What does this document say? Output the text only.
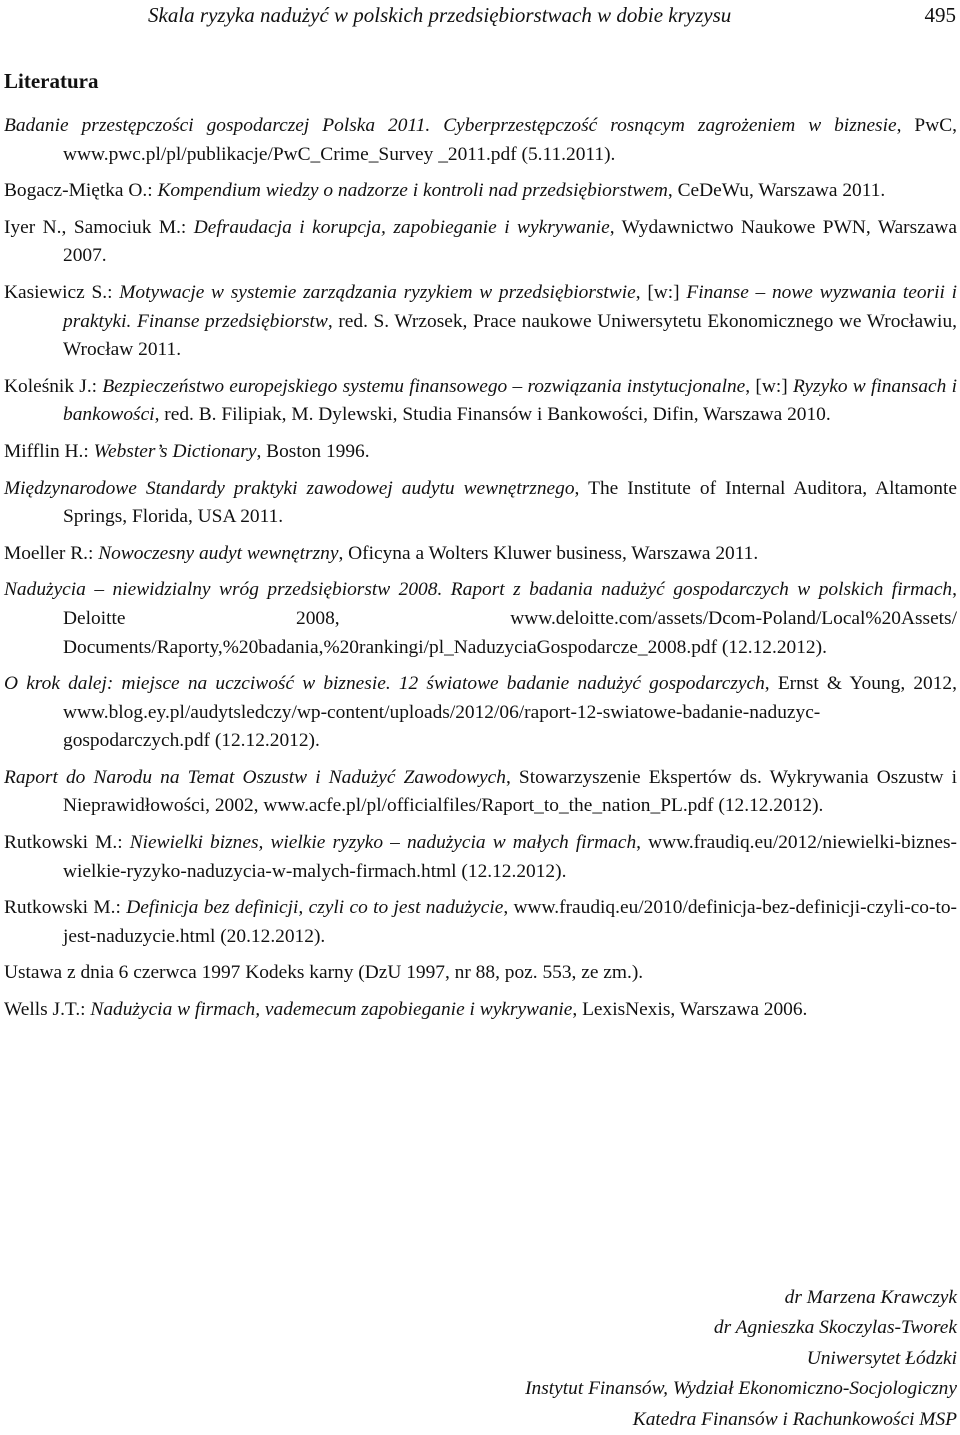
Skala ryzyka nadużyć w polskich przedsiębiorstwach w dobie kryzysu	495
Literatura
Badanie przestępczości gospodarczej Polska 2011. Cyberprzestępczość rosnącym zagrożeniem w biznesie, PwC, www.pwc.pl/pl/publikacje/PwC_Crime_Survey _2011.pdf (5.11.2011).
Bogacz-Miętka O.: Kompendium wiedzy o nadzorze i kontroli nad przedsiębiorstwem, CeDeWu, Warszawa 2011.
Iyer N., Samociuk M.: Defraudacja i korupcja, zapobieganie i wykrywanie, Wydawnictwo Naukowe PWN, Warszawa 2007.
Kasiewicz S.: Motywacje w systemie zarządzania ryzykiem w przedsiębiorstwie, [w:] Finanse – nowe wyzwania teorii i praktyki. Finanse przedsiębiorstw, red. S. Wrzosek, Prace naukowe Uniwersytetu Ekonomicznego we Wrocławiu, Wrocław 2011.
Koleśnik J.: Bezpieczeństwo europejskiego systemu finansowego – rozwiązania instytucjonalne, [w:] Ryzyko w finansach i bankowości, red. B. Filipiak, M. Dylewski, Studia Finansów i Bankowości, Difin, Warszawa 2010.
Mifflin H.: Webster’s Dictionary, Boston 1996.
Międzynarodowe Standardy praktyki zawodowej audytu wewnętrznego, The Institute of Internal Auditora, Altamonte Springs, Florida, USA 2011.
Moeller R.: Nowoczesny audyt wewnętrzny, Oficyna a Wolters Kluwer business, Warszawa 2011.
Nadużycia – niewidzialny wróg przedsiębiorstw 2008. Raport z badania nadużyć gospodarczych w polskich firmach, Deloitte 2008, www.deloitte.com/assets/Dcom-Poland/Local%20Assets/ Documents/Raporty,%20badania,%20rankingi/pl_NaduzyciaGospodarcze_2008.pdf (12.12.2012).
O krok dalej: miejsce na uczciwość w biznesie. 12 światowe badanie nadużyć gospodarczych, Ernst & Young, 2012, www.blog.ey.pl/audytsledczy/wp-content/uploads/2012/06/raport-12-swiatowe-badanie-naduzyc-gospodarczych.pdf (12.12.2012).
Raport do Narodu na Temat Oszustw i Nadużyć Zawodowych, Stowarzyszenie Ekspertów ds. Wykrywania Oszustw i Nieprawidłowości, 2002, www.acfe.pl/pl/officialfiles/Raport_to_the_nation_PL.pdf (12.12.2012).
Rutkowski M.: Niewielki biznes, wielkie ryzyko – nadużycia w małych firmach, www.fraudiq.eu/2012/niewielki-biznes-wielkie-ryzyko-naduzycia-w-malych-firmach.html (12.12.2012).
Rutkowski M.: Definicja bez definicji, czyli co to jest nadużycie, www.fraudiq.eu/2010/definicja-bez-definicji-czyli-co-to-jest-naduzycie.html (20.12.2012).
Ustawa z dnia 6 czerwca 1997 Kodeks karny (DzU 1997, nr 88, poz. 553, ze zm.).
Wells J.T.: Nadużycia w firmach, vademecum zapobieganie i wykrywanie, LexisNexis, Warszawa 2006.
dr Marzena Krawczyk
dr Agnieszka Skoczylas-Tworek
Uniwersytet Łódzki
Instytut Finansów, Wydział Ekonomiczno-Socjologiczny
Katedra Finansów i Rachunkowości MSP
